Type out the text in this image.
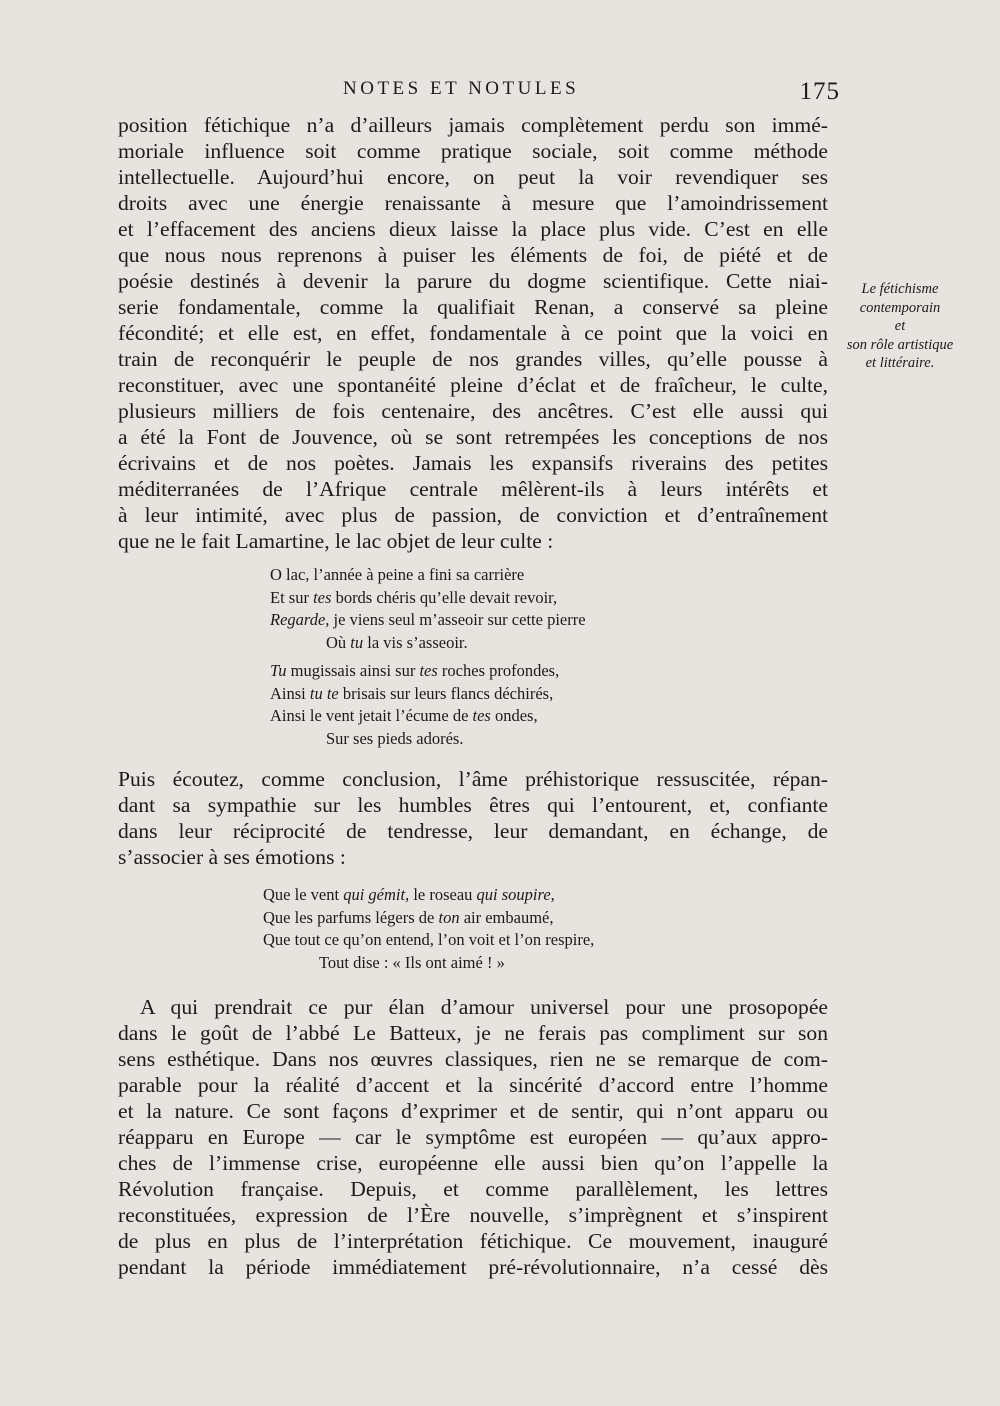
NOTES ET NOTULES	175
position fétichique n’a d’ailleurs jamais complètement perdu son immé-
moriale influence soit comme pratique sociale, soit comme méthode
intellectuelle. Aujourd’hui encore, on peut la voir revendiquer ses
droits avec une énergie renaissante à mesure que l’amoindrissement
et l’effacement des anciens dieux laisse la place plus vide. C’est en elle
que nous nous reprenons à puiser les éléments de foi, de piété et de
poésie destinés à devenir la parure du dogme scientifique. Cette niai-
serie fondamentale, comme la qualifiait Renan, a conservé sa pleine
fécondité; et elle est, en effet, fondamentale à ce point que la voici en
train de reconquérir le peuple de nos grandes villes, qu’elle pousse à
reconstituer, avec une spontanéité pleine d’éclat et de fraîcheur, le culte,
plusieurs milliers de fois centenaire, des ancêtres. C’est elle aussi qui
a été la Font de Jouvence, où se sont retrempées les conceptions de nos
écrivains et de nos poètes. Jamais les expansifs riverains des petites
méditerranées de l’Afrique centrale mêlèrent-ils à leurs intérêts et
à leur intimité, avec plus de passion, de conviction et d’entraînement
que ne le fait Lamartine, le lac objet de leur culte :
Le fétichisme
contemporain
et
son rôle artistique
et littéraire.
O lac, l’année à peine a fini sa carrière
Et sur tes bords chéris qu’elle devait revoir,
Regarde, je viens seul m’asseoir sur cette pierre
Où tu la vis s’asseoir.
Tu mugissais ainsi sur tes roches profondes,
Ainsi tu te brisais sur leurs flancs déchirés,
Ainsi le vent jetait l’écume de tes ondes,
Sur ses pieds adorés.
Puis écoutez, comme conclusion, l’âme préhistorique ressuscitée, répan-
dant sa sympathie sur les humbles êtres qui l’entourent, et, confiante
dans leur réciprocité de tendresse, leur demandant, en échange, de
s’associer à ses émotions :
Que le vent qui gémit, le roseau qui soupire,
Que les parfums légers de ton air embaumé,
Que tout ce qu’on entend, l’on voit et l’on respire,
Tout dise : « Ils ont aimé ! »
A qui prendrait ce pur élan d’amour universel pour une prosopopée
dans le goût de l’abbé Le Batteux, je ne ferais pas compliment sur son
sens esthétique. Dans nos œuvres classiques, rien ne se remarque de com-
parable pour la réalité d’accent et la sincérité d’accord entre l’homme
et la nature. Ce sont façons d’exprimer et de sentir, qui n’ont apparu ou
réapparu en Europe — car le symptôme est européen — qu’aux appro-
ches de l’immense crise, européenne elle aussi bien qu’on l’appelle la
Révolution française. Depuis, et comme parallèlement, les lettres
reconstituées, expression de l’Ère nouvelle, s’imprègnent et s’inspirent
de plus en plus de l’interprétation fétichique. Ce mouvement, inauguré
pendant la période immédiatement pré-révolutionnaire, n’a cessé dès
